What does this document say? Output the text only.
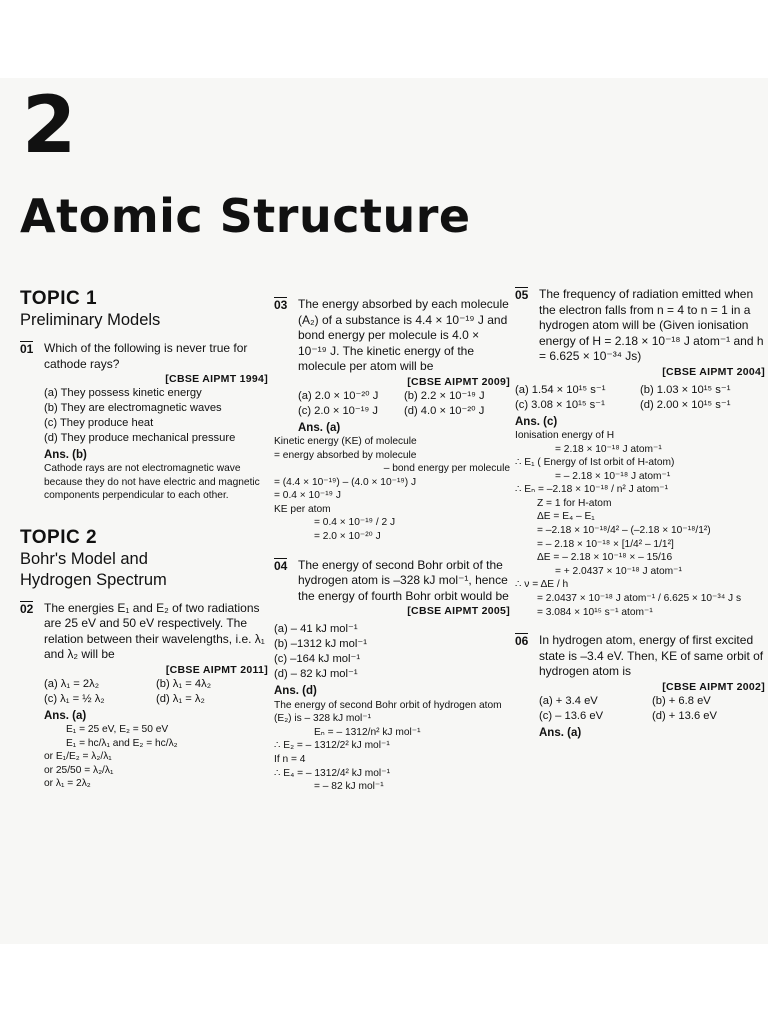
2
Atomic Structure
TOPIC 1
Preliminary Models
01 Which of the following is never true for cathode rays?
[CBSE AIPMT 1994]
(a) They possess kinetic energy
(b) They are electromagnetic waves
(c) They produce heat
(d) They produce mechanical pressure
Ans. (b)
Cathode rays are not electromagnetic wave because they do not have electric and magnetic components perpendicular to each other.
TOPIC 2
Bohr's Model and
Hydrogen Spectrum
02 The energies E₁ and E₂ of two radiations are 25 eV and 50 eV respectively. The relation between their wavelengths, i.e. λ₁ and λ₂ will be
[CBSE AIPMT 2011]
(a) λ₁ = 2λ₂	(b) λ₁ = 4λ₂
(c) λ₁ = ½ λ₂	(d) λ₁ = λ₂
Ans. (a)
E₁ = 25 eV, E₂ = 50 eV
E₁ = hc/λ₁ and E₂ = hc/λ₂
or E₁/E₂ = λ₂/λ₁
or 25/50 = λ₂/λ₁
or λ₁ = 2λ₂
03 The energy absorbed by each molecule (A₂) of a substance is 4.4 × 10⁻¹⁹ J and bond energy per molecule is 4.0 × 10⁻¹⁹ J. The kinetic energy of the molecule per atom will be
[CBSE AIPMT 2009]
(a) 2.0 × 10⁻²⁰ J	(b) 2.2 × 10⁻¹⁹ J
(c) 2.0 × 10⁻¹⁹ J	(d) 4.0 × 10⁻²⁰ J
Ans. (a)
Kinetic energy (KE) of molecule
= energy absorbed by molecule
– bond energy per molecule
= (4.4 × 10⁻¹⁹) – (4.0 × 10⁻¹⁹) J
= 0.4 × 10⁻¹⁹ J
KE per atom
= 0.4 × 10⁻¹⁹ / 2 J
= 2.0 × 10⁻²⁰ J
04 The energy of second Bohr orbit of the hydrogen atom is –328 kJ mol⁻¹, hence the energy of fourth Bohr orbit would be
[CBSE AIPMT 2005]
(a) – 41 kJ mol⁻¹
(b) –1312 kJ mol⁻¹
(c) –164 kJ mol⁻¹
(d) – 82 kJ mol⁻¹
Ans. (d)
The energy of second Bohr orbit of hydrogen atom (E₂) is – 328 kJ mol⁻¹
Eₙ = – 1312/n² kJ mol⁻¹
∴ E₂ = – 1312/2² kJ mol⁻¹
If n = 4
∴ E₄ = – 1312/4² kJ mol⁻¹
= – 82 kJ mol⁻¹
05 The frequency of radiation emitted when the electron falls from n = 4 to n = 1 in a hydrogen atom will be (Given ionisation energy of H = 2.18 × 10⁻¹⁸ J atom⁻¹ and h = 6.625 × 10⁻³⁴ Js)
[CBSE AIPMT 2004]
(a) 1.54 × 10¹⁵ s⁻¹	(b) 1.03 × 10¹⁵ s⁻¹
(c) 3.08 × 10¹⁵ s⁻¹	(d) 2.00 × 10¹⁵ s⁻¹
Ans. (c)
Ionisation energy of H
= 2.18 × 10⁻¹⁸ J atom⁻¹
∴ E₁ ( Energy of Ist orbit of H-atom)
= – 2.18 × 10⁻¹⁸ J atom⁻¹
∴ Eₙ = –2.18 × 10⁻¹⁸ / n² J atom⁻¹
Z = 1 for H-atom
ΔE = E₄ – E₁
= –2.18 × 10⁻¹⁸/4² – (–2.18 × 10⁻¹⁸/1²)
= – 2.18 × 10⁻¹⁸ × [1/4² – 1/1²]
ΔE = – 2.18 × 10⁻¹⁸ × – 15/16
= + 2.0437 × 10⁻¹⁸ J atom⁻¹
∴ ν = ΔE / h
= 2.0437 × 10⁻¹⁸ J atom⁻¹ / 6.625 × 10⁻³⁴ J s
= 3.084 × 10¹⁵ s⁻¹ atom⁻¹
06 In hydrogen atom, energy of first excited state is –3.4 eV. Then, KE of same orbit of hydrogen atom is
[CBSE AIPMT 2002]
(a) + 3.4 eV	(b) + 6.8 eV
(c) – 13.6 eV	(d) + 13.6 eV
Ans. (a)
